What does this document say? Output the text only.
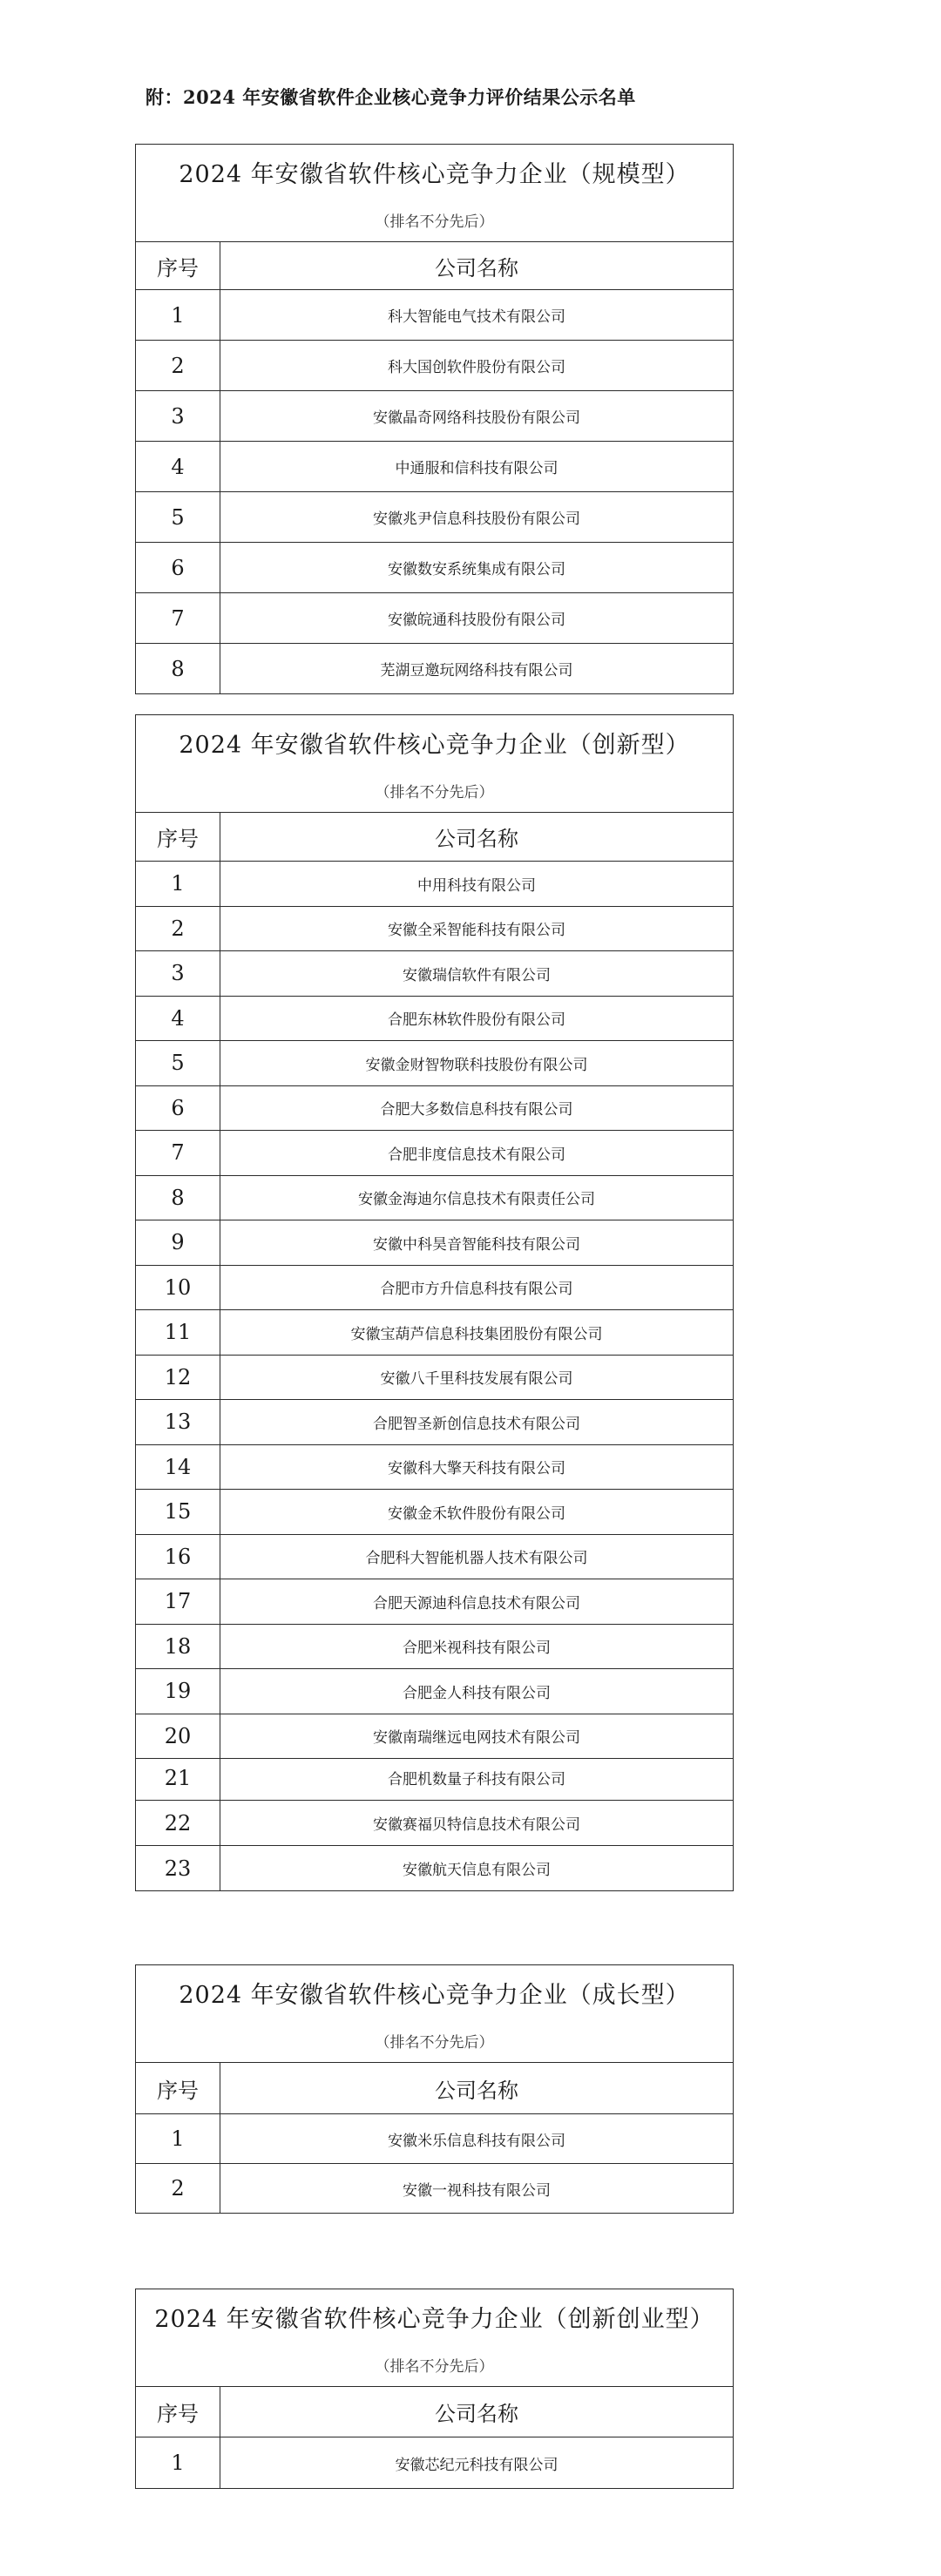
附：2024 年安徽省软件企业核心竞争力评价结果公示名单
2024 年安徽省软件核心竞争力企业（规模型）	
（排名不分先后）	
序号	公司名称
1	科大智能电气技术有限公司
2	科大国创软件股份有限公司
3	安徽晶奇网络科技股份有限公司
4	中通服和信科技有限公司
5	安徽兆尹信息科技股份有限公司
6	安徽数安系统集成有限公司
7	安徽皖通科技股份有限公司
8	芜湖豆邀玩网络科技有限公司
2024 年安徽省软件核心竞争力企业（创新型）	
（排名不分先后）	
序号	公司名称
1	中用科技有限公司
2	安徽全采智能科技有限公司
3	安徽瑞信软件有限公司
4	合肥东林软件股份有限公司
5	安徽金财智物联科技股份有限公司
6	合肥大多数信息科技有限公司
7	合肥非度信息技术有限公司
8	安徽金海迪尔信息技术有限责任公司
9	安徽中科昊音智能科技有限公司
10	合肥市方升信息科技有限公司
11	安徽宝葫芦信息科技集团股份有限公司
12	安徽八千里科技发展有限公司
13	合肥智圣新创信息技术有限公司
14	安徽科大擎天科技有限公司
15	安徽金禾软件股份有限公司
16	合肥科大智能机器人技术有限公司
17	合肥天源迪科信息技术有限公司
18	合肥米视科技有限公司
19	合肥金人科技有限公司
20	安徽南瑞继远电网技术有限公司
21	合肥机数量子科技有限公司
22	安徽赛福贝特信息技术有限公司
23	安徽航天信息有限公司
2024 年安徽省软件核心竞争力企业（成长型）	
（排名不分先后）	
序号	公司名称
1	安徽米乐信息科技有限公司
2	安徽一视科技有限公司
2024 年安徽省软件核心竞争力企业（创新创业型）	
（排名不分先后）	
序号	公司名称
1	安徽芯纪元科技有限公司
